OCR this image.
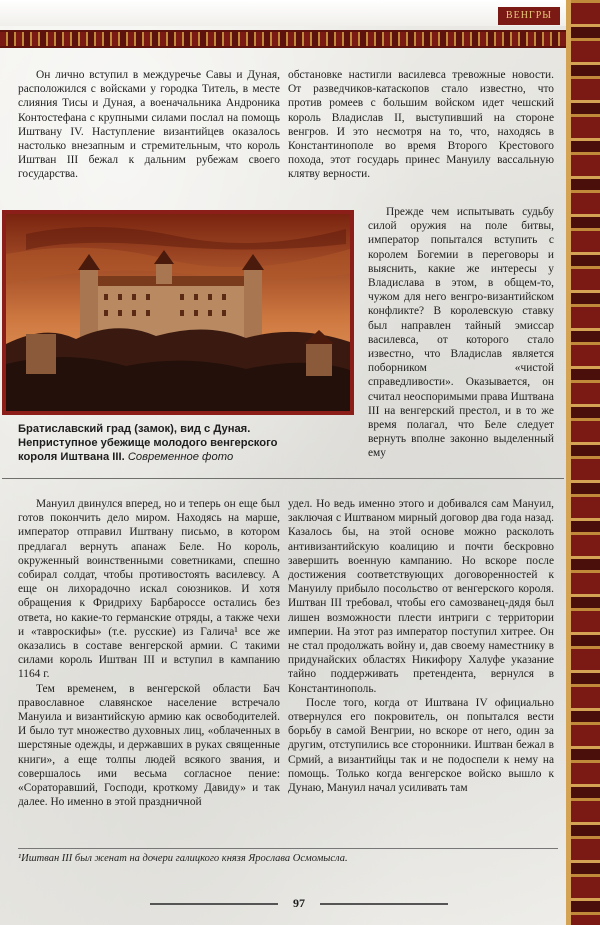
ВЕНГРЫ

Он лично вступил в междуречье Савы и Дуная, расположился с войсками у городка Титель, в месте слияния Тисы и Дуная, а военачальника Андроника Контостефана с крупными силами послал на помощь Иштвану IV. Наступление византийцев оказалось настолько внезапным и стремительным, что король Иштван III бежал к дальним рубежам своего государства.

обстановке настигли василевса тревожные новости. От разведчиков-катаскопов стало известно, что против ромеев с большим войском идет чешский король Владислав II, выступивший на стороне венгров. И это несмотря на то, что, находясь в Константинополе во время Второго Крестового похода, этот государь принес Мануилу вассальную клятву верности.

Прежде чем испытывать судьбу силой оружия на поле битвы, император попытался вступить с королем Богемии в переговоры и выяснить, какие же интересы у Владислава в этом, в общем-то, чужом для него венгро-византийском конфликте? В королевскую ставку был направлен тайный эмиссар василевса, от которого стало известно, что Владислав является поборником «чистой справедливости». Оказывается, он считал неоспоримыми права Иштвана III на венгерский престол, и в то же время полагал, что Беле следует вернуть вполне законно выделенный ему

Братиславский град (замок), вид с Дуная. Неприступное убежище молодого венгерского короля Иштвана III. Современное фото

Мануил двинулся вперед, но и теперь он еще был готов покончить дело миром. Находясь на марше, император отправил Иштвану письмо, в котором предлагал вернуть апанаж Беле. Но король, окруженный воинственными советниками, спешно собирал солдат, чтобы противостоять василевсу. А еще он лихорадочно искал союзников. И хотя обращения к Фридриху Барбароссе остались без ответа, но какие-то германские отряды, а также чехи и «тавроскифы» (т.е. русские) из Галича¹ все же оказались в составе венгерской армии. С такими силами король Иштван III и вступил в кампанию 1164 г.

Тем временем, в венгерской области Бач православное славянское население встречало Мануила и византийскую армию как освободителей. И было тут множество духовных лиц, «облаченных в шерстяные одежды, и державших в руках священные книги», а еще толпы людей всякого звания, и совершалось ими весьма согласное пение: «Сораторавший, Господи, кроткому Давиду» и так далее. Но именно в этой праздничной

удел. Но ведь именно этого и добивался сам Мануил, заключая с Иштваном мирный договор два года назад. Казалось бы, на этой основе можно расколоть антивизантийскую коалицию и почти бескровно завершить военную кампанию. Но вскоре после достижения соответствующих договоренностей к Мануилу прибыло посольство от венгерского короля. Иштван III требовал, чтобы его самозванец-дядя был лишен возможности плести интриги с территории империи. На этот раз император поступил хитрее. Он не стал продолжать войну и, дав своему наместнику в придунайских областях Никифору Халуфе указание тайно поддерживать претендента, вернулся в Константинополь.

После того, когда от Иштвана IV официально отвернулся его покровитель, он попытался вести борьбу в самой Венгрии, но вскоре от него, один за другим, отступились все сторонники. Иштван бежал в Срмий, а византийцы так и не подоспели к нему на помощь. Только когда венгерское войско вышло к Дунаю, Мануил начал усиливать там

¹Иштван III был женат на дочери галицкого князя Ярослава Осмомысла.
97
